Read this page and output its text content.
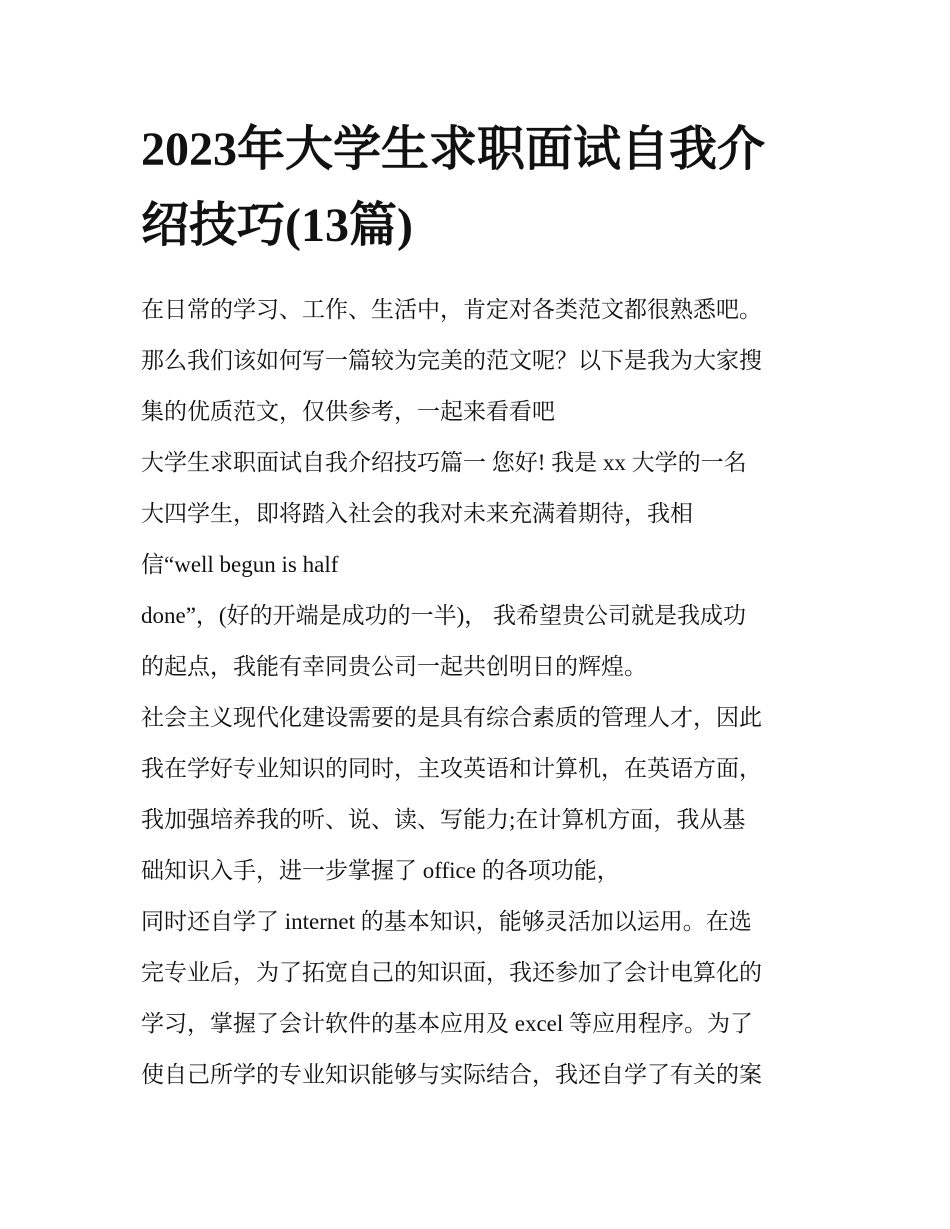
2023年大学生求职面试自我介
绍技巧(13篇)
在日常的学习、工作、生活中，肯定对各类范文都很熟悉吧。
那么我们该如何写一篇较为完美的范文呢？以下是我为大家搜
集的优质范文，仅供参考，一起来看看吧
大学生求职面试自我介绍技巧篇一 您好! 我是 xx 大学的一名
大四学生，即将踏入社会的我对未来充满着期待，我相
信“well begun is half
done”，(好的开端是成功的一半)， 我希望贵公司就是我成功
的起点，我能有幸同贵公司一起共创明日的辉煌。
社会主义现代化建设需要的是具有综合素质的管理人才，因此
我在学好专业知识的同时，主攻英语和计算机，在英语方面，
我加强培养我的听、说、读、写能力;在计算机方面，我从基
础知识入手，进一步掌握了 office 的各项功能，
同时还自学了 internet 的基本知识，能够灵活加以运用。在选
完专业后，为了拓宽自己的知识面，我还参加了会计电算化的
学习，掌握了会计软件的基本应用及 excel 等应用程序。为了
使自己所学的专业知识能够与实际结合，我还自学了有关的案
